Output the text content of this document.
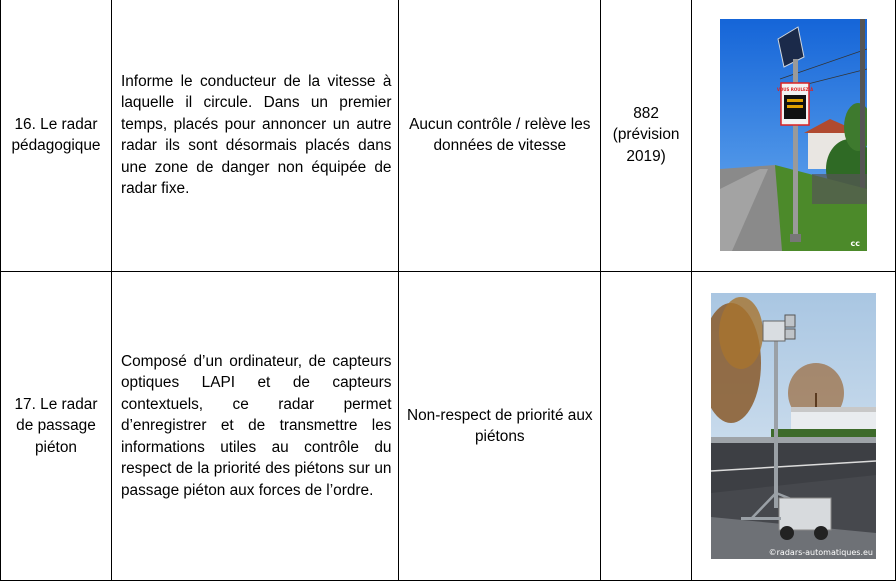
16. Le radar pédagogique	Informe le conducteur de la vitesse à laquelle il circule. Dans un premier temps, placés pour annoncer un autre radar ils sont désormais placés dans une zone de danger non équipée de radar fixe.	Aucun contrôle / relève les données de vitesse	882 (prévision 2019)	VOUS ROULEZ À
cc

17. Le radar de passage piéton	Composé d’un ordinateur, de capteurs optiques LAPI et de capteurs contextuels, ce radar permet d’enregistrer et de transmettre les informations utiles au contrôle du respect de la priorité des piétons sur un passage piéton aux forces de l’ordre.	Non-respect de priorité aux piétons		©radars-automatiques.eu
